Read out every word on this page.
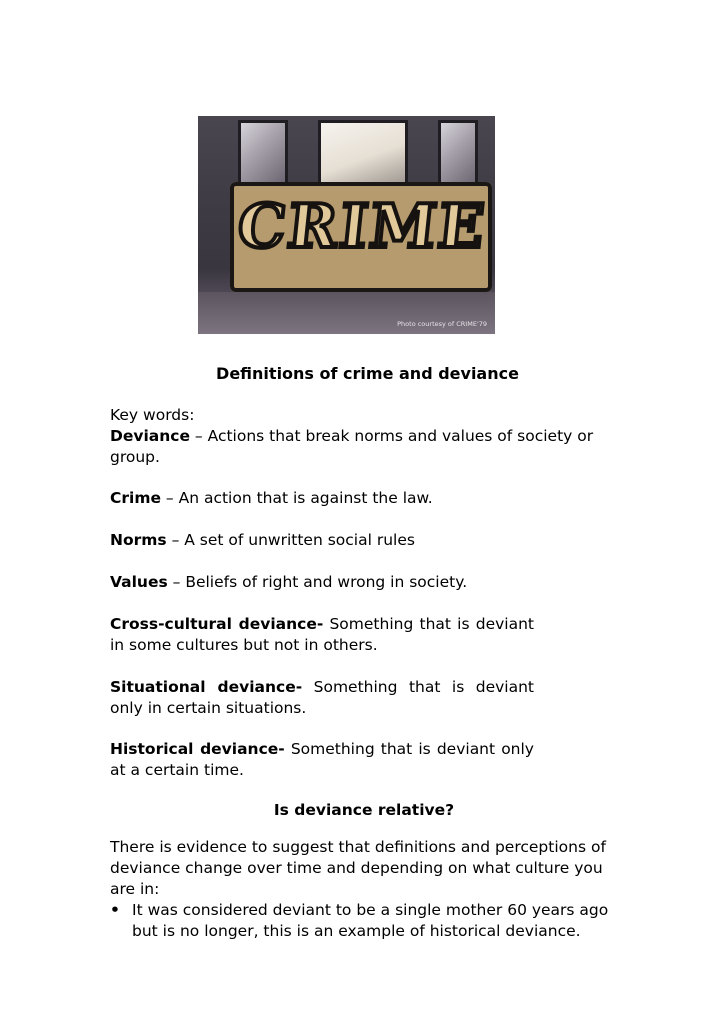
CRIME
Photo courtesy of CRIME'79
Definitions of crime and deviance
Key words:
Deviance – Actions that break norms and values of society or group.
Crime – An action that is against the law.
Norms – A set of unwritten social rules
Values – Beliefs of right and wrong in society.
Cross-cultural deviance- Something that is deviant in some cultures but not in others.
Situational deviance- Something that is deviant only in certain situations.
Historical deviance- Something that is deviant only at a certain time.
Is deviance relative?
There is evidence to suggest that definitions and perceptions of deviance change over time and depending on what culture you are in:
• It was considered deviant to be a single mother 60 years ago but is no longer, this is an example of historical deviance.
